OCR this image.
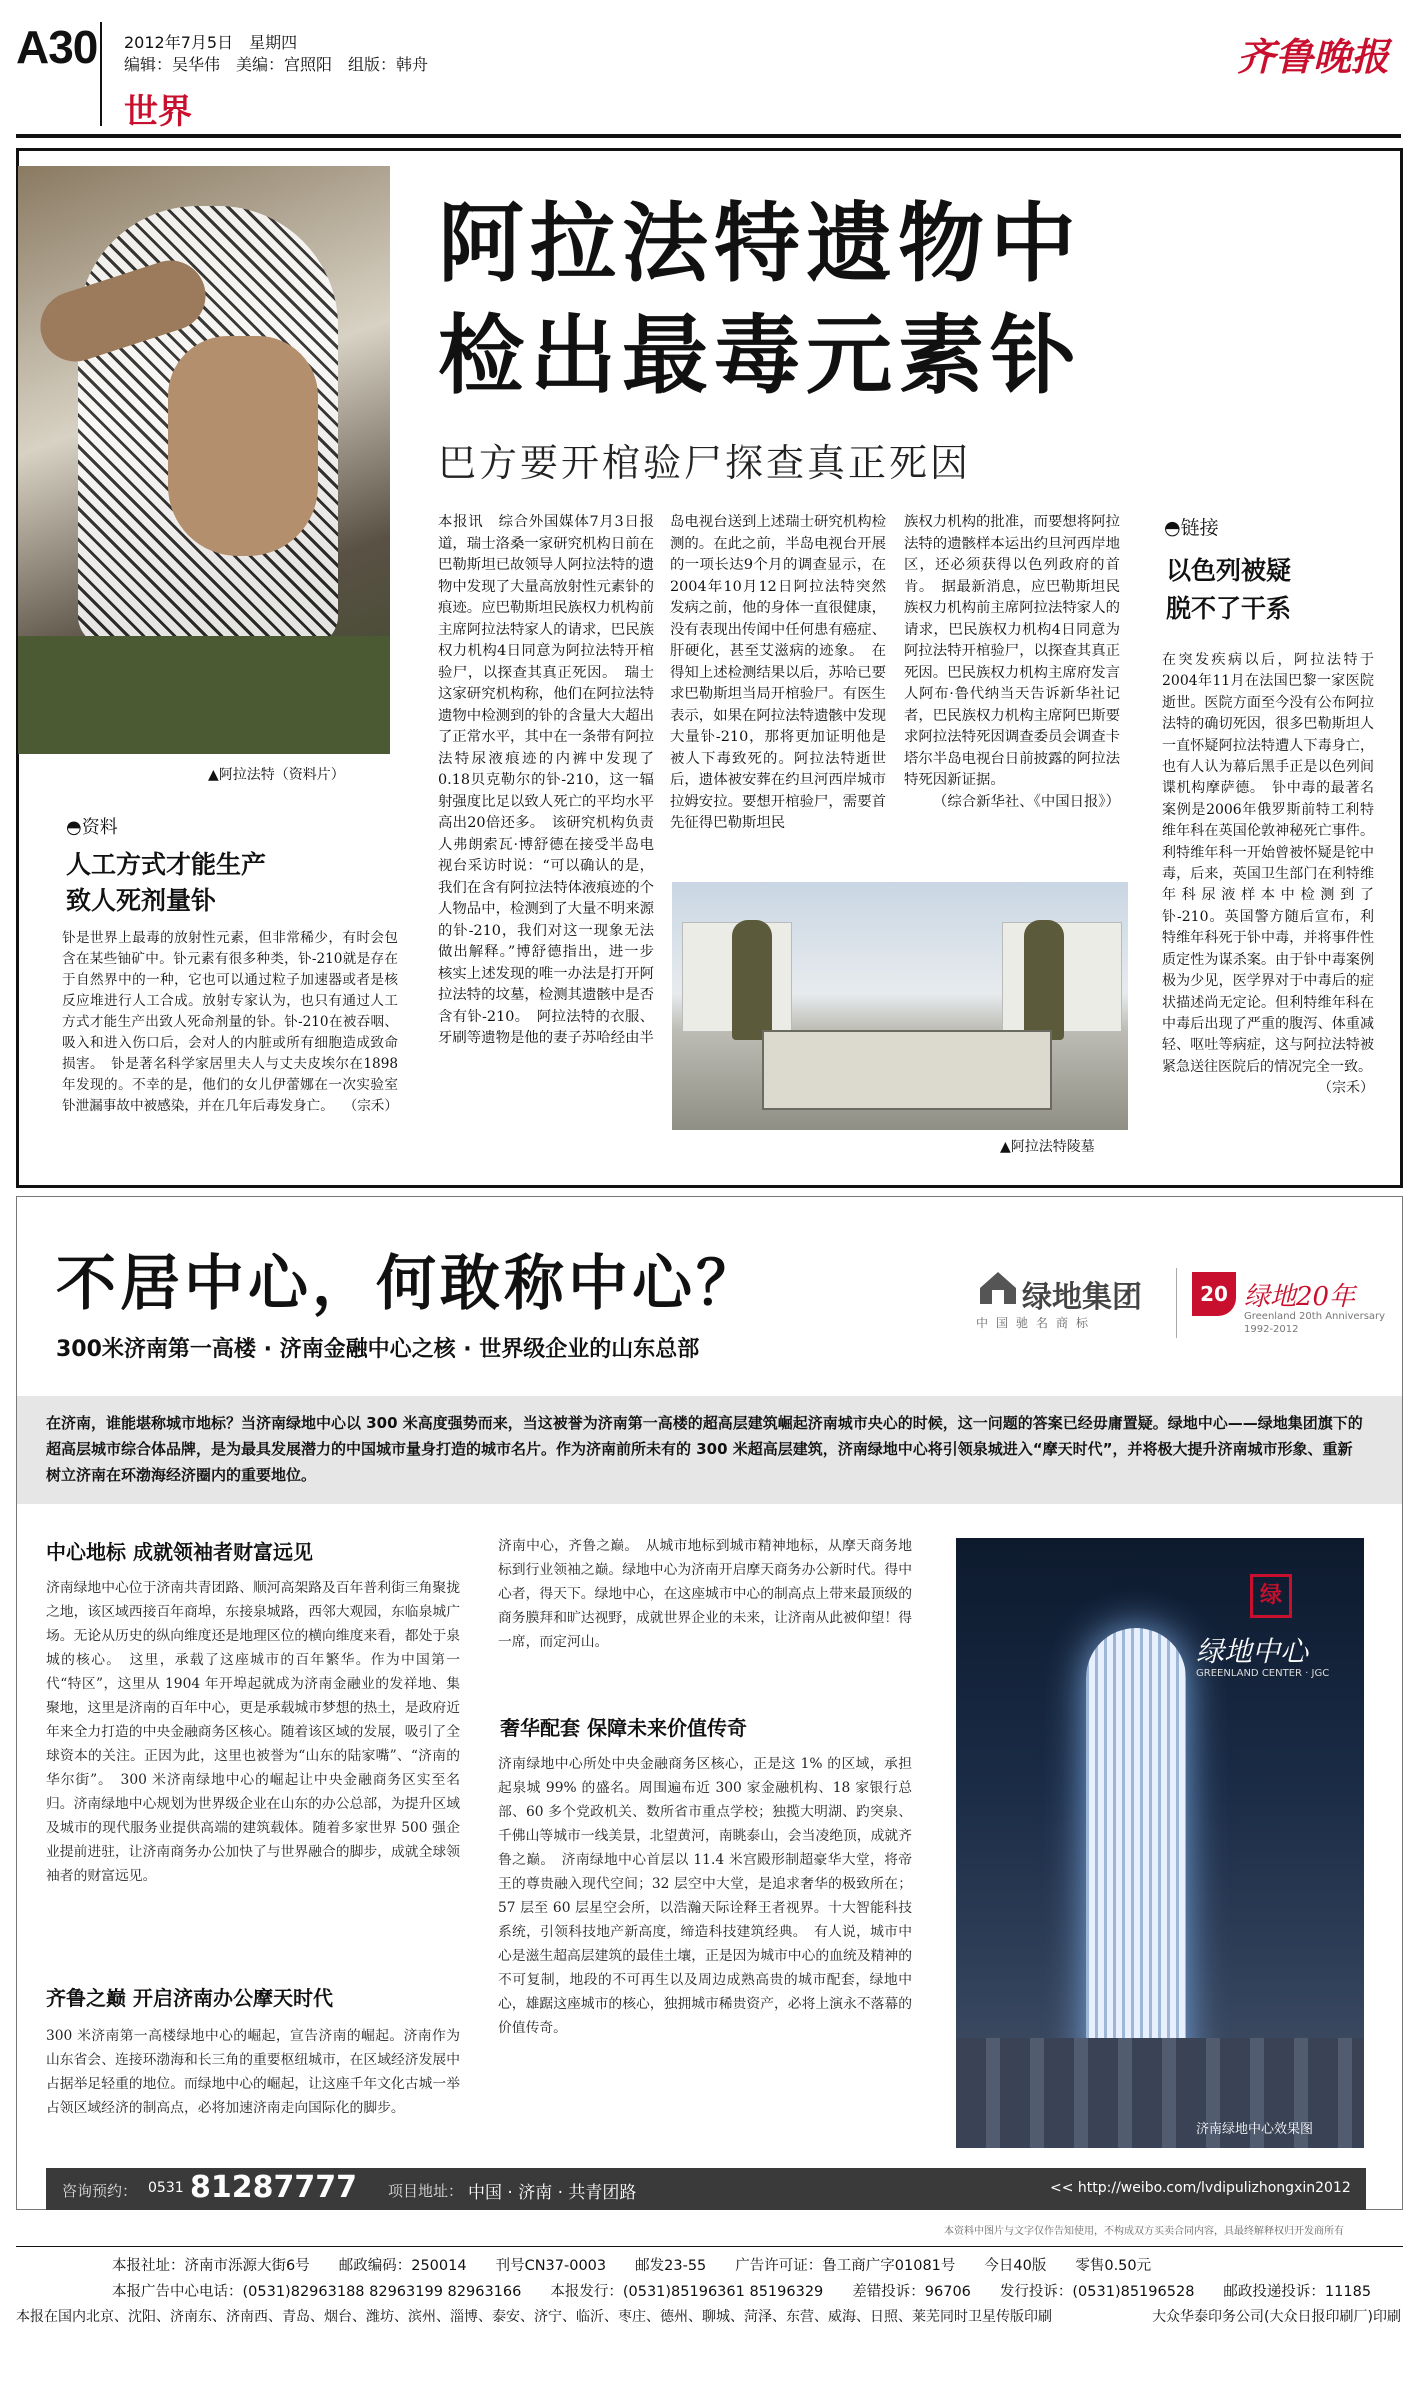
A30 2012年7月5日　星期四
编辑：吴华伟　美编：宫照阳　组版：韩舟
世界
齐鲁晚报
▲阿拉法特（资料片）
阿拉法特遗物中
检出最毒元素钋
巴方要开棺验尸探查真正死因
本报讯　综合外国媒体7月3日报道，瑞士洛桑一家研究机构日前在巴勒斯坦已故领导人阿拉法特的遗物中发现了大量高放射性元素钋的痕迹。应巴勒斯坦民族权力机构前主席阿拉法特家人的请求，巴民族权力机构4日同意为阿拉法特开棺验尸，以探查其真正死因。　瑞士这家研究机构称，他们在阿拉法特遗物中检测到的钋的含量大大超出了正常水平，其中在一条带有阿拉法特尿液痕迹的内裤中发现了0.18贝克勒尔的钋-210，这一辐射强度比足以致人死亡的平均水平高出20倍还多。　该研究机构负责人弗朗索瓦·博舒德在接受半岛电视台采访时说：“可以确认的是，我们在含有阿拉法特体液痕迹的个人物品中，检测到了大量不明来源的钋-210，我们对这一现象无法做出解释。”博舒德指出，进一步核实上述发现的唯一办法是打开阿拉法特的坟墓，检测其遗骸中是否含有钋-210。　阿拉法特的衣服、牙刷等遗物是他的妻子苏哈经由半
岛电视台送到上述瑞士研究机构检测的。在此之前，半岛电视台开展的一项长达9个月的调查显示，在2004年10月12日阿拉法特突然发病之前，他的身体一直很健康，没有表现出传闻中任何患有癌症、肝硬化，甚至艾滋病的迹象。　在得知上述检测结果以后，苏哈已要求巴勒斯坦当局开棺验尸。有医生表示，如果在阿拉法特遗骸中发现大量钋-210，那将更加证明他是被人下毒致死的。阿拉法特逝世后，遗体被安葬在约旦河西岸城市拉姆安拉。要想开棺验尸，需要首先征得巴勒斯坦民
族权力机构的批准，而要想将阿拉法特的遗骸样本运出约旦河西岸地区，还必须获得以色列政府的首肯。　据最新消息，应巴勒斯坦民族权力机构前主席阿拉法特家人的请求，巴民族权力机构4日同意为阿拉法特开棺验尸，以探查其真正死因。巴民族权力机构主席府发言人阿布·鲁代纳当天告诉新华社记者，巴民族权力机构主席阿巴斯要求阿拉法特死因调查委员会调查卡塔尔半岛电视台日前披露的阿拉法特死因新证据。
（综合新华社、《中国日报》）
▲阿拉法特陵墓
◓资料
人工方式才能生产
致人死剂量钋
钋是世界上最毒的放射性元素，但非常稀少，有时会包含在某些铀矿中。钋元素有很多种类，钋-210就是存在于自然界中的一种，它也可以通过粒子加速器或者是核反应堆进行人工合成。放射专家认为，也只有通过人工方式才能生产出致人死命剂量的钋。钋-210在被吞咽、吸入和进入伤口后，会对人的内脏或所有细胞造成致命损害。　钋是著名科学家居里夫人与丈夫皮埃尔在1898年发现的。不幸的是，他们的女儿伊蕾娜在一次实验室钋泄漏事故中被感染，并在几年后毒发身亡。 （宗禾）
◓链接
以色列被疑
脱不了干系
在突发疾病以后，阿拉法特于2004年11月在法国巴黎一家医院逝世。医院方面至今没有公布阿拉法特的确切死因，很多巴勒斯坦人一直怀疑阿拉法特遭人下毒身亡，也有人认为幕后黑手正是以色列间谍机构摩萨德。　钋中毒的最著名案例是2006年俄罗斯前特工利特维年科在英国伦敦神秘死亡事件。利特维年科一开始曾被怀疑是铊中毒，后来，英国卫生部门在利特维年科尿液样本中检测到了钋-210。英国警方随后宣布，利特维年科死于钋中毒，并将事件性质定性为谋杀案。由于钋中毒案例极为少见，医学界对于中毒后的症状描述尚无定论。但利特维年科在中毒后出现了严重的腹泻、体重减轻、呕吐等病症，这与阿拉法特被紧急送往医院后的情况完全一致。
（宗禾）
不居中心，何敢称中心？
300米济南第一高楼 · 济南金融中心之核 · 世界级企业的山东总部
绿地集团
中国驰名商标
20 绿地20年
Greenland 20th Anniversary
1992-2012
在济南，谁能堪称城市地标？当济南绿地中心以 300 米高度强势而来，当这被誉为济南第一高楼的超高层建筑崛起济南城市央心的时候，这一问题的答案已经毋庸置疑。绿地中心——绿地集团旗下的超高层城市综合体品牌，是为最具发展潜力的中国城市量身打造的城市名片。作为济南前所未有的 300 米超高层建筑，济南绿地中心将引领泉城进入“摩天时代”，并将极大提升济南城市形象、重新树立济南在环渤海经济圈内的重要地位。
中心地标 成就领袖者财富远见
济南绿地中心位于济南共青团路、顺河高架路及百年普利街三角聚拢之地，该区域西接百年商埠，东接泉城路，西邻大观园，东临泉城广场。无论从历史的纵向维度还是地理区位的横向维度来看，都处于泉城的核心。　这里，承载了这座城市的百年繁华。作为中国第一代“特区”，这里从 1904 年开埠起就成为济南金融业的发祥地、集聚地，这里是济南的百年中心，更是承载城市梦想的热土，是政府近年来全力打造的中央金融商务区核心。随着该区域的发展，吸引了全球资本的关注。正因为此，这里也被誉为“山东的陆家嘴”、“济南的华尔街”。　300 米济南绿地中心的崛起让中央金融商务区实至名归。济南绿地中心规划为世界级企业在山东的办公总部，为提升区域及城市的现代服务业提供高端的建筑载体。随着多家世界 500 强企业提前进驻，让济南商务办公加快了与世界融合的脚步，成就全球领袖者的财富远见。
齐鲁之巅 开启济南办公摩天时代
300 米济南第一高楼绿地中心的崛起，宣告济南的崛起。济南作为山东省会、连接环渤海和长三角的重要枢纽城市，在区域经济发展中占据举足轻重的地位。而绿地中心的崛起，让这座千年文化古城一举占领区域经济的制高点，必将加速济南走向国际化的脚步。
济南中心，齐鲁之巅。　从城市地标到城市精神地标，从摩天商务地标到行业领袖之巅。绿地中心为济南开启摩天商务办公新时代。得中心者，得天下。绿地中心，在这座城市中心的制高点上带来最顶级的商务膜拜和旷达视野，成就世界企业的未来，让济南从此被仰望！得一席，而定河山。
奢华配套 保障未来价值传奇
济南绿地中心所处中央金融商务区核心，正是这 1% 的区域，承担起泉城 99% 的盛名。周围遍布近 300 家金融机构、18 家银行总部、60 多个党政机关、数所省市重点学校；独揽大明湖、趵突泉、千佛山等城市一线美景，北望黄河，南眺泰山，会当凌绝顶，成就齐鲁之巅。　济南绿地中心首层以 11.4 米宫殿形制超豪华大堂，将帝王的尊贵融入现代空间；32 层空中大堂，是追求奢华的极致所在；57 层至 60 层星空会所，以浩瀚天际诠释王者视界。十大智能科技系统，引领科技地产新高度，缔造科技建筑经典。　有人说，城市中心是滋生超高层建筑的最佳土壤，正是因为城市中心的血统及精神的不可复制，地段的不可再生以及周边成熟高贵的城市配套，绿地中心，雄踞这座城市的核心，独拥城市稀贵资产，必将上演永不落幕的价值传奇。
绿
绿地中心
GREENLAND CENTER · JGC
济南绿地中心效果图
咨询预约： 0531 81287777 项目地址： 中国 · 济南 · 共青团路	<< http://weibo.com/lvdipulizhongxin2012
本资料中图片与文字仅作告知使用，不构成双方买卖合同内容，具最终解释权归开发商所有
本报社址：济南市泺源大街6号　　邮政编码：250014　　刊号CN37-0003　　邮发23-55　　广告许可证：鲁工商广字01081号　　今日40版　　零售0.50元
本报广告中心电话：(0531)82963188 82963199 82963166　　本报发行：(0531)85196361 85196329　　差错投诉：96706　　发行投诉：(0531)85196528　　邮政投递投诉：11185
本报在国内北京、沈阳、济南东、济南西、青岛、烟台、潍坊、滨州、淄博、泰安、济宁、临沂、枣庄、德州、聊城、菏泽、东营、威海、日照、莱芜同时卫星传版印刷	大众华泰印务公司(大众日报印刷厂)印刷
